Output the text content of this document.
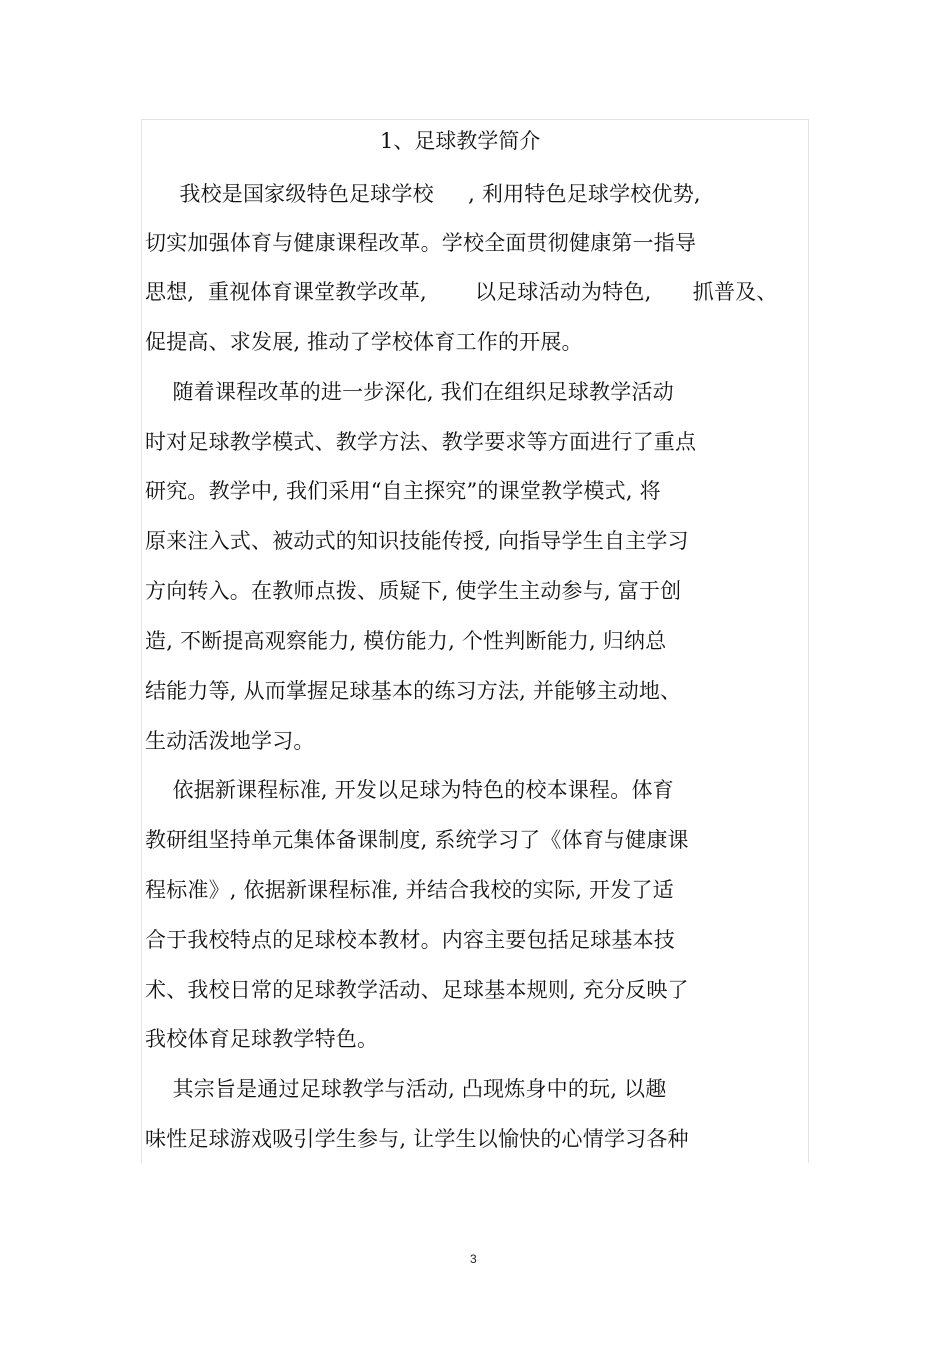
1、足球教学简介
我校是国家级特色足球学校     , 利用特色足球学校优势,
切实加强体育与健康课程改革。学校全面贯彻健康第一指导
思想,  重视体育课堂教学改革,       以足球活动为特色,      抓普及、
促提高、求发展, 推动了学校体育工作的开展。
随着课程改革的进一步深化, 我们在组织足球教学活动
时对足球教学模式、教学方法、教学要求等方面进行了重点
研究。教学中, 我们采用“自主探究”的课堂教学模式, 将
原来注入式、被动式的知识技能传授, 向指导学生自主学习
方向转入。在教师点拨、质疑下, 使学生主动参与, 富于创
造, 不断提高观察能力, 模仿能力, 个性判断能力, 归纳总
结能力等, 从而掌握足球基本的练习方法, 并能够主动地、
生动活泼地学习。
依据新课程标准, 开发以足球为特色的校本课程。体育
教研组坚持单元集体备课制度, 系统学习了《体育与健康课
程标准》, 依据新课程标准, 并结合我校的实际, 开发了适
合于我校特点的足球校本教材。内容主要包括足球基本技
术、我校日常的足球教学活动、足球基本规则, 充分反映了
我校体育足球教学特色。
其宗旨是通过足球教学与活动, 凸现炼身中的玩, 以趣
味性足球游戏吸引学生参与, 让学生以愉快的心情学习各种
3
